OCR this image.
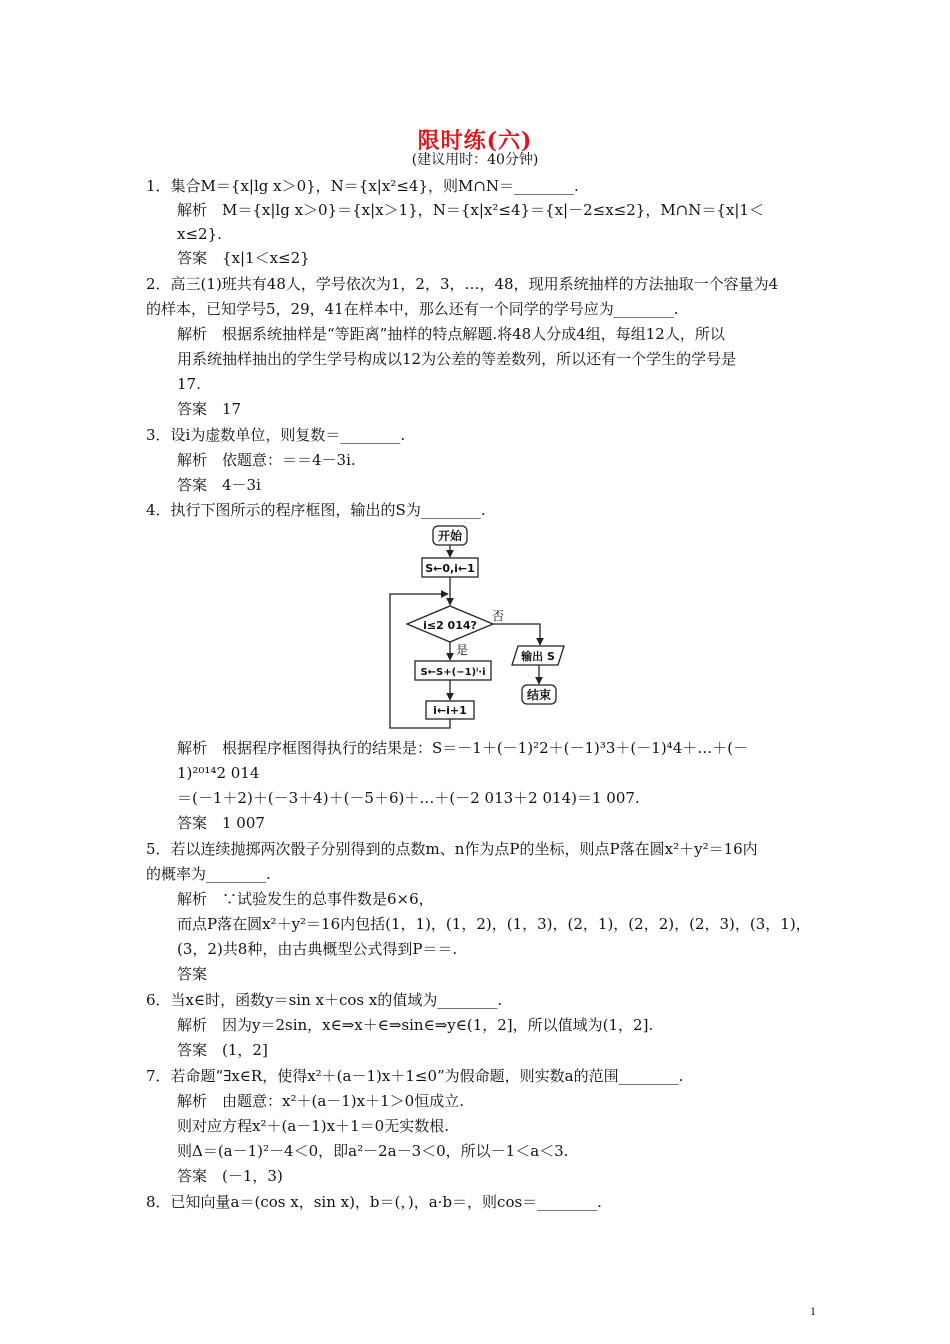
限时练(六)
(建议用时：40分钟)
1．集合M＝{x|lg x＞0}，N＝{x|x²≤4}，则M∩N＝________.
解析　M＝{x|lg x＞0}＝{x|x＞1}，N＝{x|x²≤4}＝{x|－2≤x≤2}，M∩N＝{x|1＜
x≤2}.
答案　{x|1＜x≤2}
2．高三(1)班共有48人，学号依次为1，2，3，…，48，现用系统抽样的方法抽取一个容量为4
的样本，已知学号5，29，41在样本中，那么还有一个同学的学号应为________.
解析　根据系统抽样是“等距离”抽样的特点解题.将48人分成4组，每组12人，所以
用系统抽样抽出的学生学号构成以12为公差的等差数列，所以还有一个学生的学号是
17.
答案　17
3．设i为虚数单位，则复数＝________.
解析　依题意：＝＝4－3i.
答案　4－3i
4．执行下图所示的程序框图，输出的S为________.
解析　根据程序框图得执行的结果是：S＝－1＋(－1)²2＋(－1)³3＋(－1)⁴4＋…＋(－
1)²⁰¹⁴2 014
＝(－1＋2)＋(－3＋4)＋(－5＋6)＋…＋(－2 013＋2 014)＝1 007.
答案　1 007
5．若以连续抛掷两次骰子分别得到的点数m、n作为点P的坐标，则点P落在圆x²＋y²＝16内
的概率为________.
解析　∵试验发生的总事件数是6×6，
而点P落在圆x²＋y²＝16内包括(1，1)，(1，2)，(1，3)，(2，1)，(2，2)，(2，3)，(3，1)，
(3，2)共8种，由古典概型公式得到P＝＝.
答案
6．当x∈时，函数y＝sin x＋cos x的值域为________.
解析　因为y＝2sin，x∈⇒x＋∈⇒sin∈⇒y∈(1，2]，所以值域为(1，2].
答案　(1，2]
7．若命题“∃x∈R，使得x²＋(a－1)x＋1≤0”为假命题，则实数a的范围________.
解析　由题意：x²＋(a－1)x＋1＞0恒成立.
则对应方程x²＋(a－1)x＋1＝0无实数根.
则Δ＝(a－1)²－4＜0，即a²－2a－3＜0，所以－1＜a＜3.
答案　(－1，3)
8．已知向量a＝(cos x，sin x)，b＝(，)，a·b＝，则cos＝________.
开始
S←0,i←1
i≤2 014?
否
是
S←S+(−1)ⁱ·i
i←i+1
输出 S
结束
1
